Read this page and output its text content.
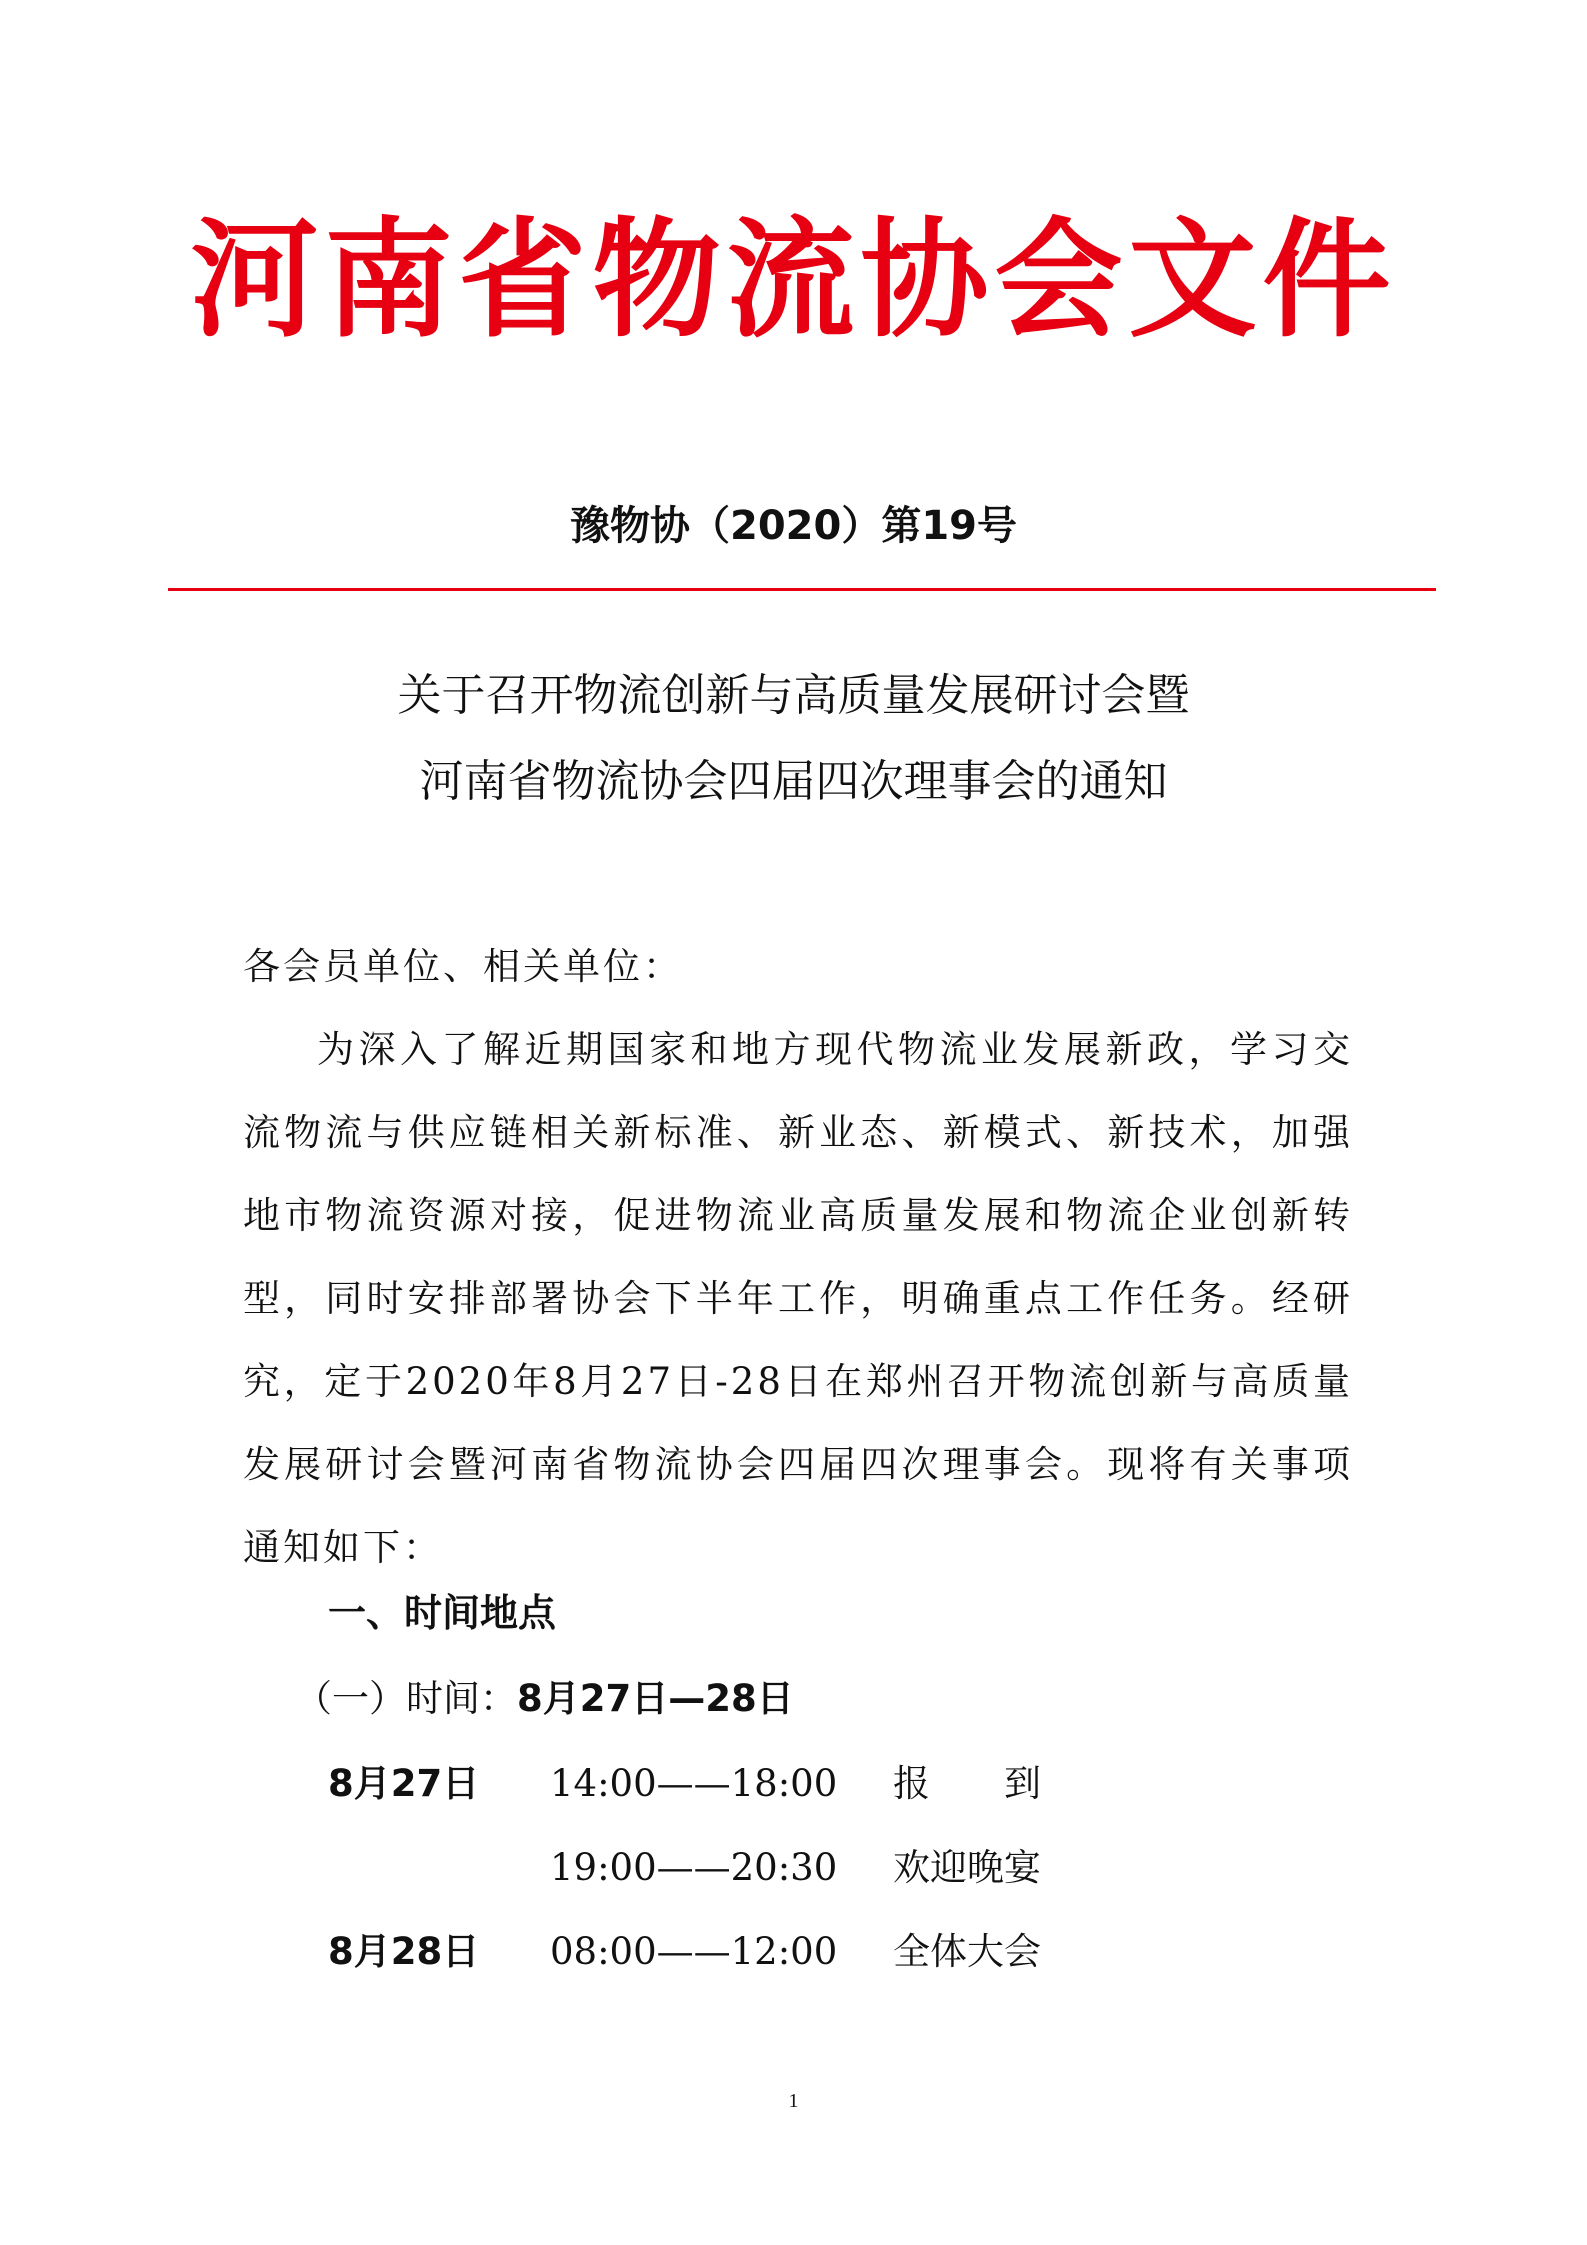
河南省物流协会文件
豫物协（2020）第19号
关于召开物流创新与高质量发展研讨会暨
河南省物流协会四届四次理事会的通知

各会员单位、相关单位：

为深入了解近期国家和地方现代物流业发展新政，学习交流物流与供应链相关新标准、新业态、新模式、新技术，加强地市物流资源对接，促进物流业高质量发展和物流企业创新转型，同时安排部署协会下半年工作，明确重点工作任务。经研究，定于2020年8月27日-28日在郑州召开物流创新与高质量发展研讨会暨河南省物流协会四届四次理事会。现将有关事项通知如下：

一、时间地点
（一）时间：8月27日—28日
8月27日 14:00——18:00 报　　到
19:00——20:30 欢迎晚宴
8月28日 08:00——12:00 全体大会
1
